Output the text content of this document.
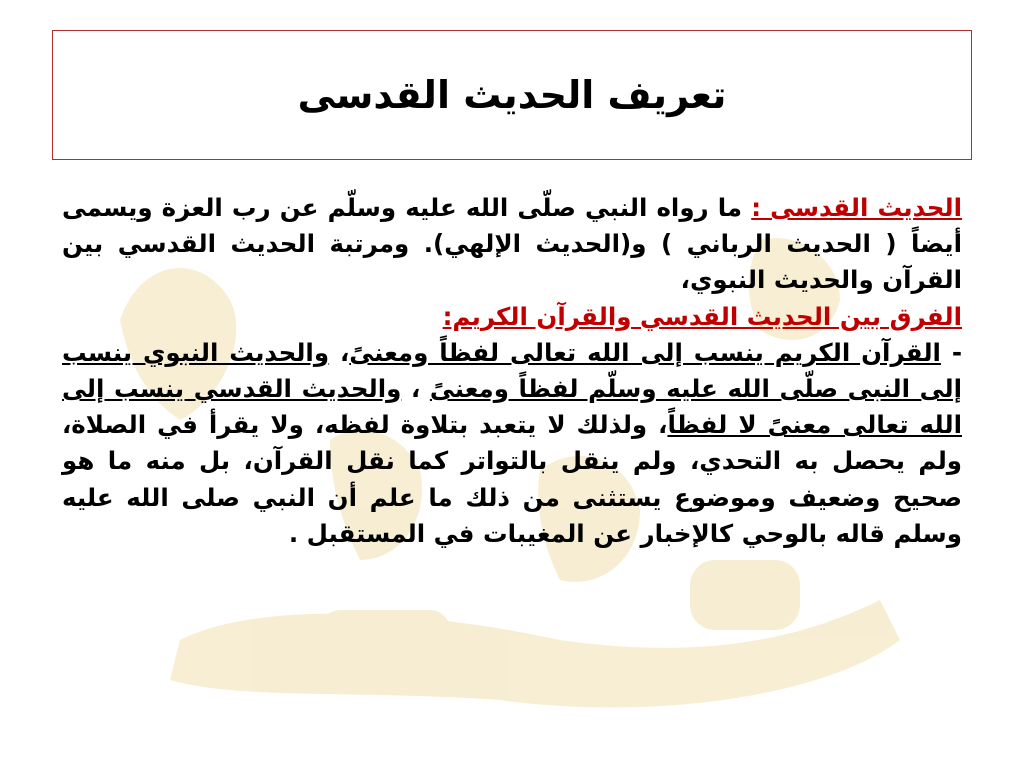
تعريف الحديث القدسى
الحديث القدسى : ما رواه النبي صلّى الله عليه وسلّم عن رب العزة ويسمى أيضاً ( الحديث الرباني ) و(الحديث الإلهي). ومرتبة الحديث القدسي بين القرآن والحديث النبوي،
الفرق بين الحديث القدسي والقرآن الكريم:
- القرآن الكريم ينسب إلى الله تعالى لفظاً ومعنىً، والحديث النبوي ينسب إلى النبى صلّى الله عليه وسلّم لفظاً ومعنىً ، والحديث القدسي ينسب إلى الله تعالى معنىً لا لفظاً، ولذلك لا يتعبد بتلاوة لفظه، ولا يقرأ في الصلاة، ولم يحصل به التحدي، ولم ينقل بالتواتر كما نقل القرآن، بل منه ما هو صحيح وضعيف وموضوع يستثنى من ذلك ما علم أن النبي صلى الله عليه وسلم قاله بالوحي كالإخبار عن المغيبات في المستقبل .
